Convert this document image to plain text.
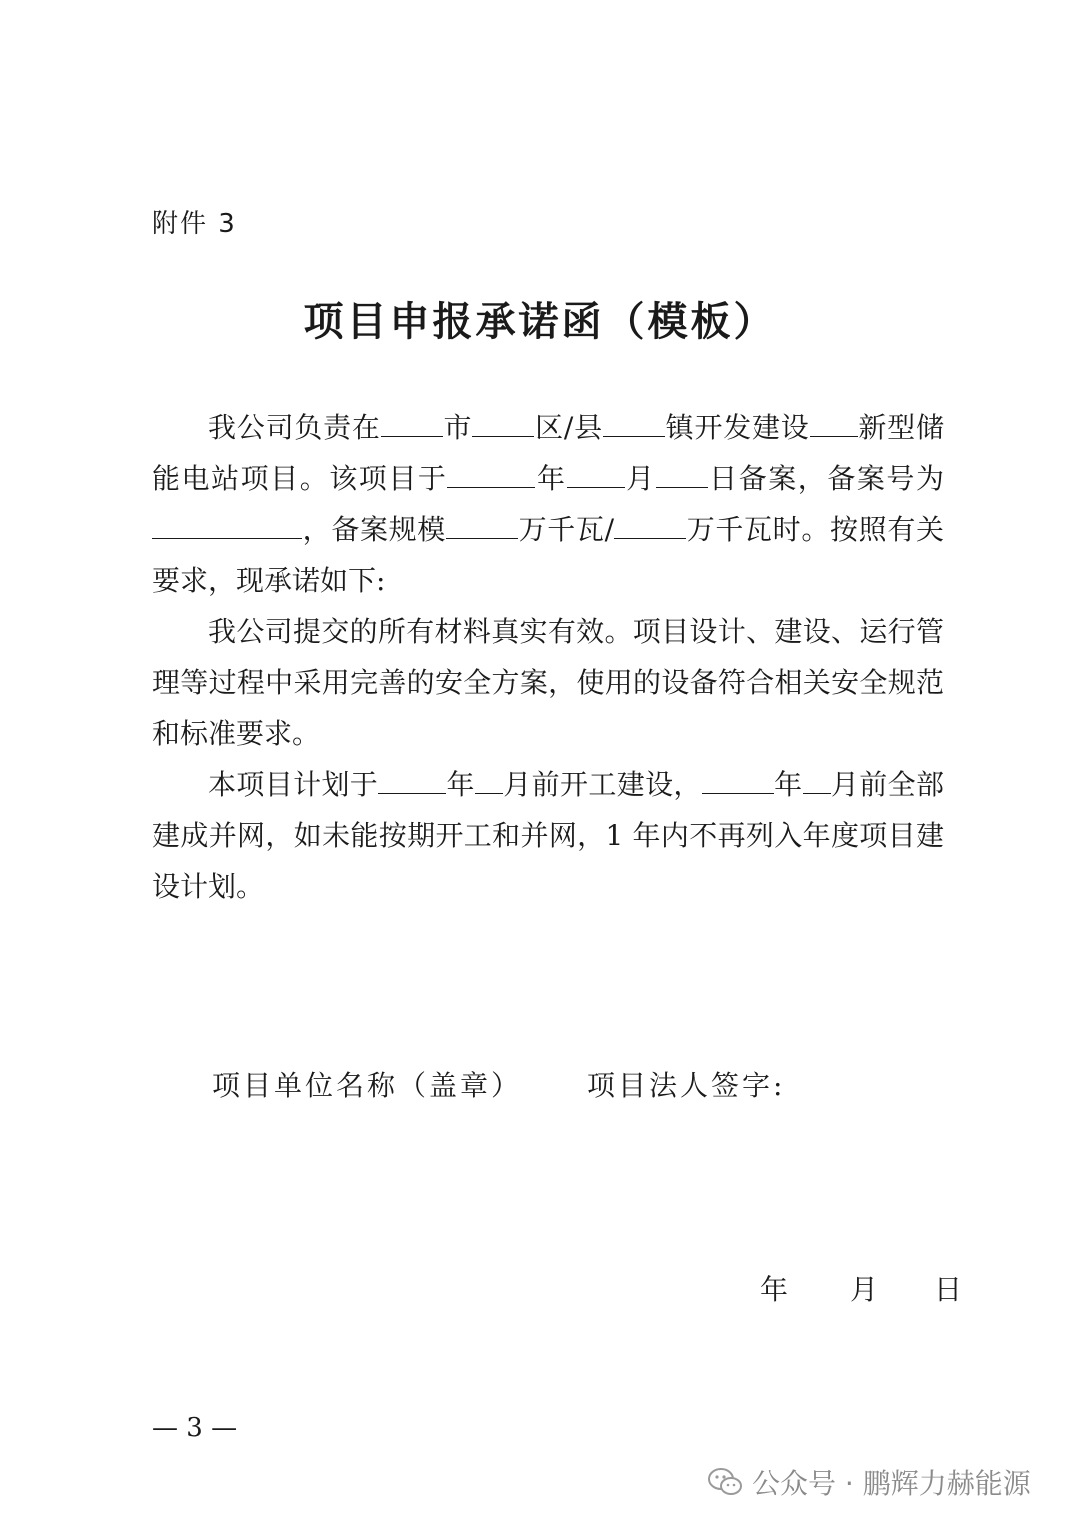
附件 3
项目申报承诺函（模板）

我公司负责在 市 区/县 镇开发建设 新型储能电站项目。该项目于	年 月 日备案，备案号为，备案规模	万千瓦/	万千瓦时。按照有关要求，现承诺如下:

我公司提交的所有材料真实有效。项目设计、建设、运行管理等过程中采用完善的安全方案，使用的设备符合相关安全规范和标准要求。

本项目计划于 年 月前开工建设，	年 月前全部建成并网，如未能按期开工和并网，1 年内不再列入年度项目建设计划。

项目单位名称（盖章） 项目法人签字:
年 月 日
— 3 —
公众号 · 鹏辉力赫能源
